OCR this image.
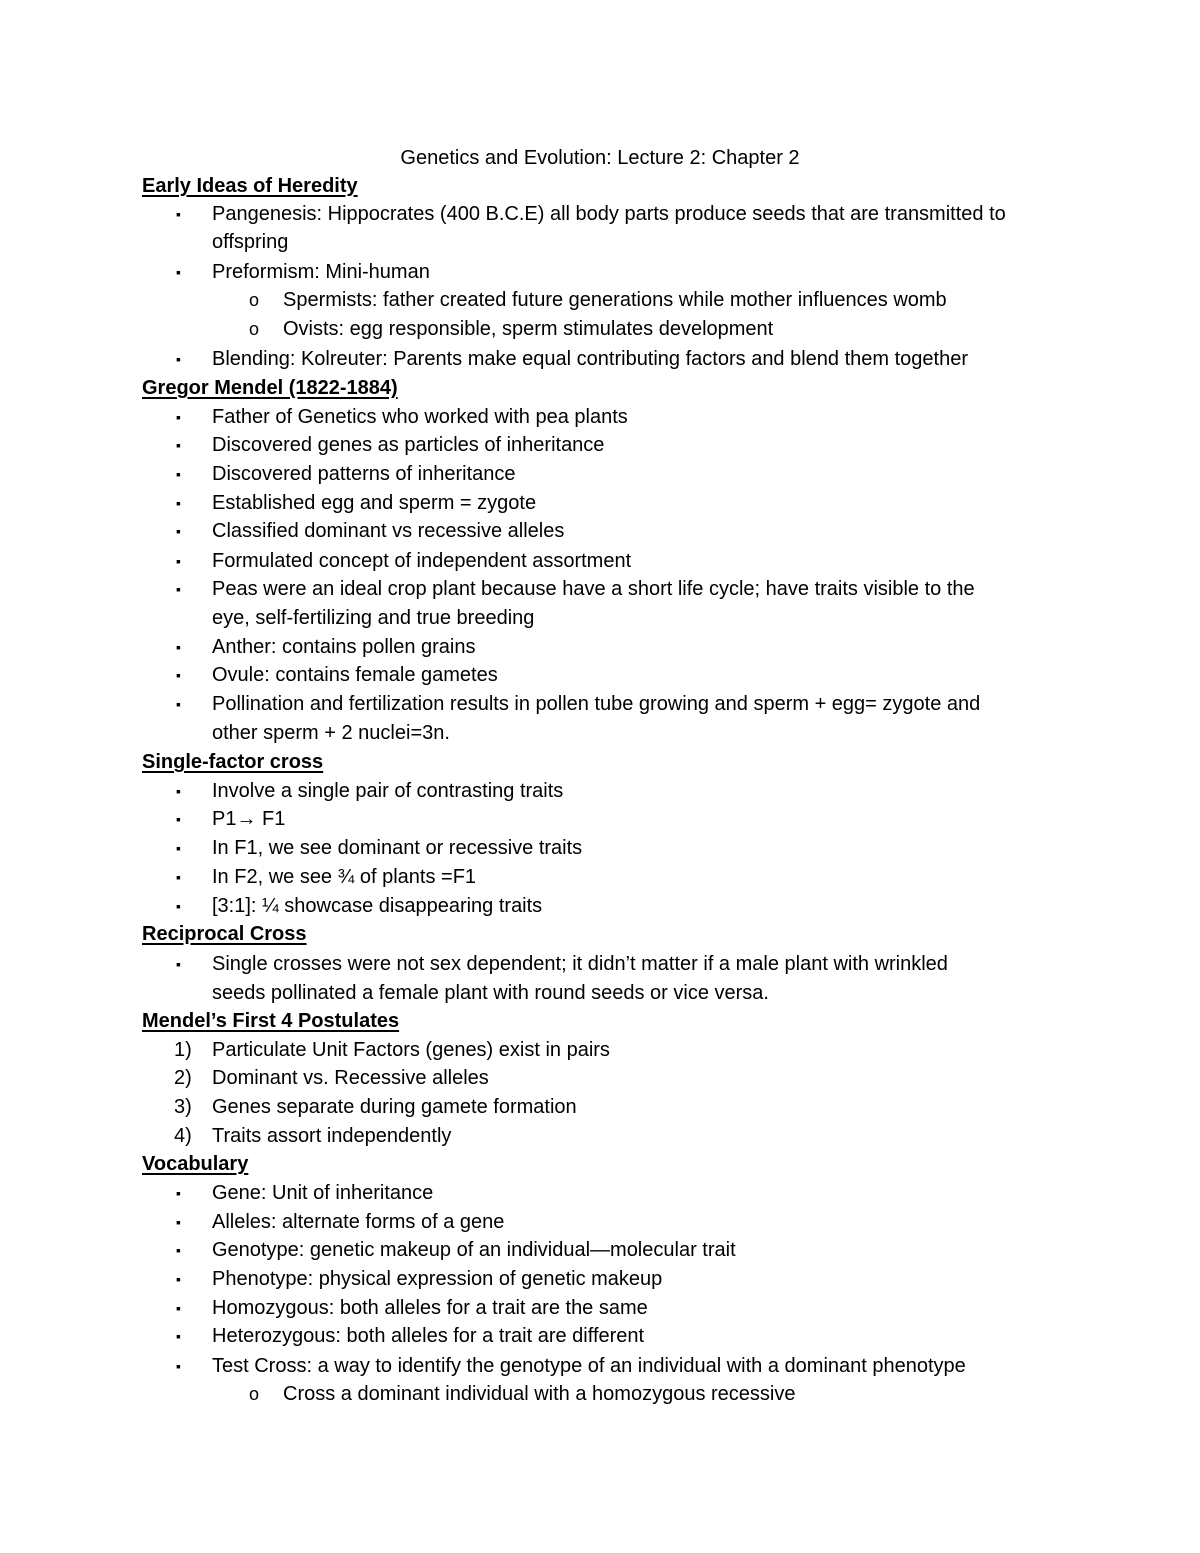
Genetics and Evolution: Lecture 2: Chapter 2
Early Ideas of Heredity
▪ Pangenesis: Hippocrates (400 B.C.E) all body parts produce seeds that are transmitted to
offspring
▪ Preformism: Mini-human
o Spermists: father created future generations while mother influences womb
o Ovists: egg responsible, sperm stimulates development
▪ Blending: Kolreuter: Parents make equal contributing factors and blend them together
Gregor Mendel (1822-1884)
▪ Father of Genetics who worked with pea plants
▪ Discovered genes as particles of inheritance
▪ Discovered patterns of inheritance
▪ Established egg and sperm = zygote
▪ Classified dominant vs recessive alleles
▪ Formulated concept of independent assortment
▪ Peas were an ideal crop plant because have a short life cycle; have traits visible to the
eye, self-fertilizing and true breeding
▪ Anther: contains pollen grains
▪ Ovule: contains female gametes
▪ Pollination and fertilization results in pollen tube growing and sperm + egg= zygote and
other sperm + 2 nuclei=3n.
Single-factor cross
▪ Involve a single pair of contrasting traits
▪ P1→ F1
▪ In F1, we see dominant or recessive traits
▪ In F2, we see ¾ of plants =F1
▪ [3:1]: ¼ showcase disappearing traits
Reciprocal Cross
▪ Single crosses were not sex dependent; it didn’t matter if a male plant with wrinkled
seeds pollinated a female plant with round seeds or vice versa.
Mendel’s First 4 Postulates
1)	Particulate Unit Factors (genes) exist in pairs
2)	Dominant vs. Recessive alleles
3)	Genes separate during gamete formation
4)	Traits assort independently
Vocabulary
▪ Gene: Unit of inheritance
▪ Alleles: alternate forms of a gene
▪ Genotype: genetic makeup of an individual—molecular trait
▪ Phenotype: physical expression of genetic makeup
▪ Homozygous: both alleles for a trait are the same
▪ Heterozygous: both alleles for a trait are different
▪ Test Cross: a way to identify the genotype of an individual with a dominant phenotype
o Cross a dominant individual with a homozygous recessive
